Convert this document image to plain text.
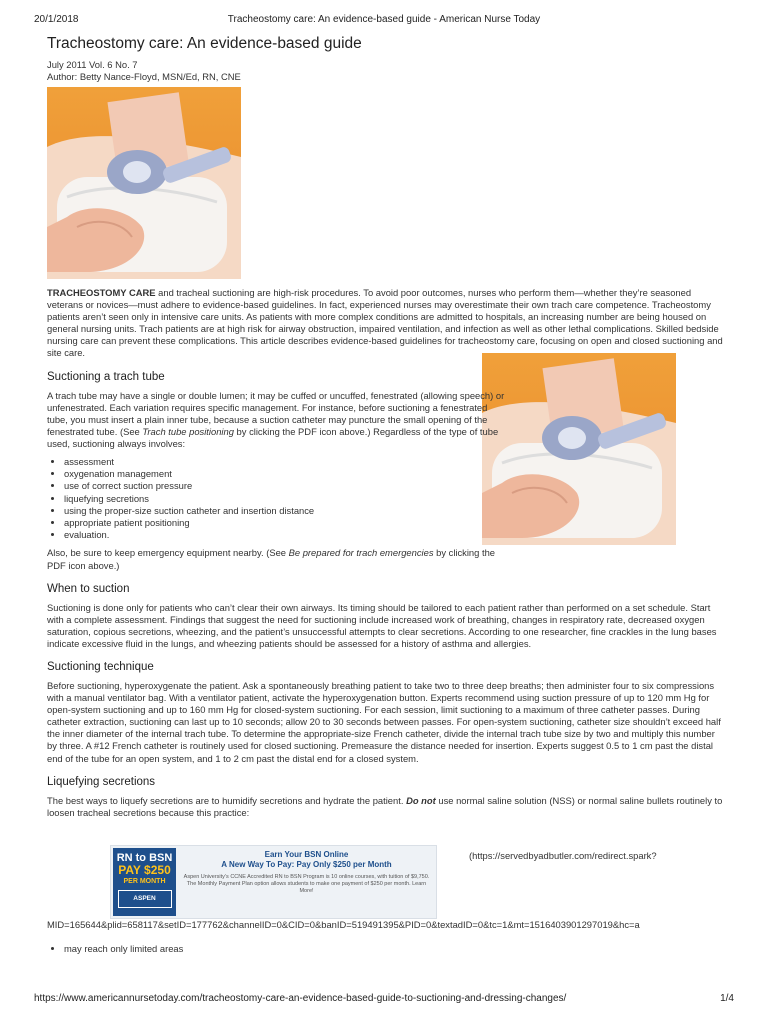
20/1/2018	Tracheostomy care: An evidence-based guide - American Nurse Today
Tracheostomy care: An evidence-based guide
July 2011 Vol. 6 No. 7
Author: Betty Nance-Floyd, MSN/Ed, RN, CNE

TRACHEOSTOMY CARE and tracheal suctioning are high-risk procedures. To avoid poor outcomes, nurses who perform them—whether they’re seasoned veterans or novices—must adhere to evidence-based guidelines. In fact, experienced nurses may overestimate their own trach care competence. Tracheostomy patients aren’t seen only in intensive care units. As patients with more complex conditions are admitted to hospitals, an increasing number are being housed on general nursing units. Trach patients are at high risk for airway obstruction, impaired ventilation, and infection as well as other lethal complications. Skilled bedside nursing care can prevent these complications. This article describes evidence-based guidelines for tracheostomy care, focusing on open and closed suctioning and site care.

Suctioning a trach tube

A trach tube may have a single or double lumen; it may be cuffed or uncuffed, fenestrated (allowing speech) or unfenestrated. Each variation requires specific management. For instance, before suctioning a fenestrated tube, you must insert a plain inner tube, because a suction catheter may puncture the small opening of the fenestrated tube. (See Trach tube positioning by clicking the PDF icon above.) Regardless of the type of tube used, suctioning always involves:

• assessment
• oxygenation management
• use of correct suction pressure
• liquefying secretions
• using the proper-size suction catheter and insertion distance
• appropriate patient positioning
• evaluation.

Also, be sure to keep emergency equipment nearby. (See Be prepared for trach emergencies by clicking the PDF icon above.)

When to suction

Suctioning is done only for patients who can’t clear their own airways. Its timing should be tailored to each patient rather than performed on a set schedule. Start with a complete assessment. Findings that suggest the need for suctioning include increased work of breathing, changes in respiratory rate, decreased oxygen saturation, copious secretions, wheezing, and the patient’s unsuccessful attempts to clear secretions. According to one researcher, fine crackles in the lung bases indicate excessive fluid in the lungs, and wheezing patients should be assessed for a history of asthma and allergies.

Suctioning technique

Before suctioning, hyperoxygenate the patient. Ask a spontaneously breathing patient to take two to three deep breaths; then administer four to six compressions with a manual ventilator bag. With a ventilator patient, activate the hyperoxygenation button. Experts recommend using suction pressure of up to 120 mm Hg for open-system suctioning and up to 160 mm Hg for closed-system suctioning. For each session, limit suctioning to a maximum of three catheter passes. During catheter extraction, suctioning can last up to 10 seconds; allow 20 to 30 seconds between passes. For open-system suctioning, catheter size shouldn’t exceed half the inner diameter of the internal trach tube. To determine the appropriate-size French catheter, divide the internal trach tube size by two and multiply this number by three. A #12 French catheter is routinely used for closed suctioning. Premeasure the distance needed for insertion. Experts suggest 0.5 to 1 cm past the distal end of the tube for an open system, and 1 to 2 cm past the distal end for a closed system.

Liquefying secretions

The best ways to liquefy secretions are to humidify secretions and hydrate the patient. Do not use normal saline solution (NSS) or normal saline bullets routinely to loosen tracheal secretions because this practice:

RN to BSN
PAY $250
PER MONTH
ASPEN
Earn Your BSN Online
A New Way To Pay: Pay Only $250 per Month
Aspen University’s CCNE Accredited RN to BSN Program is 10 online courses, with tuition of $9,750. The Monthly Payment Plan option allows students to make one payment of $250 per month. Learn More!
(https://servedbyadbutler.com/redirect.spark?
MID=165644&plid=658117&setID=177762&channelID=0&CID=0&banID=519491395&PID=0&textadID=0&tc=1&mt=1516403901297019&hc=a
• may reach only limited areas
https://www.americannursetoday.com/tracheostomy-care-an-evidence-based-guide-to-suctioning-and-dressing-changes/	1/4
